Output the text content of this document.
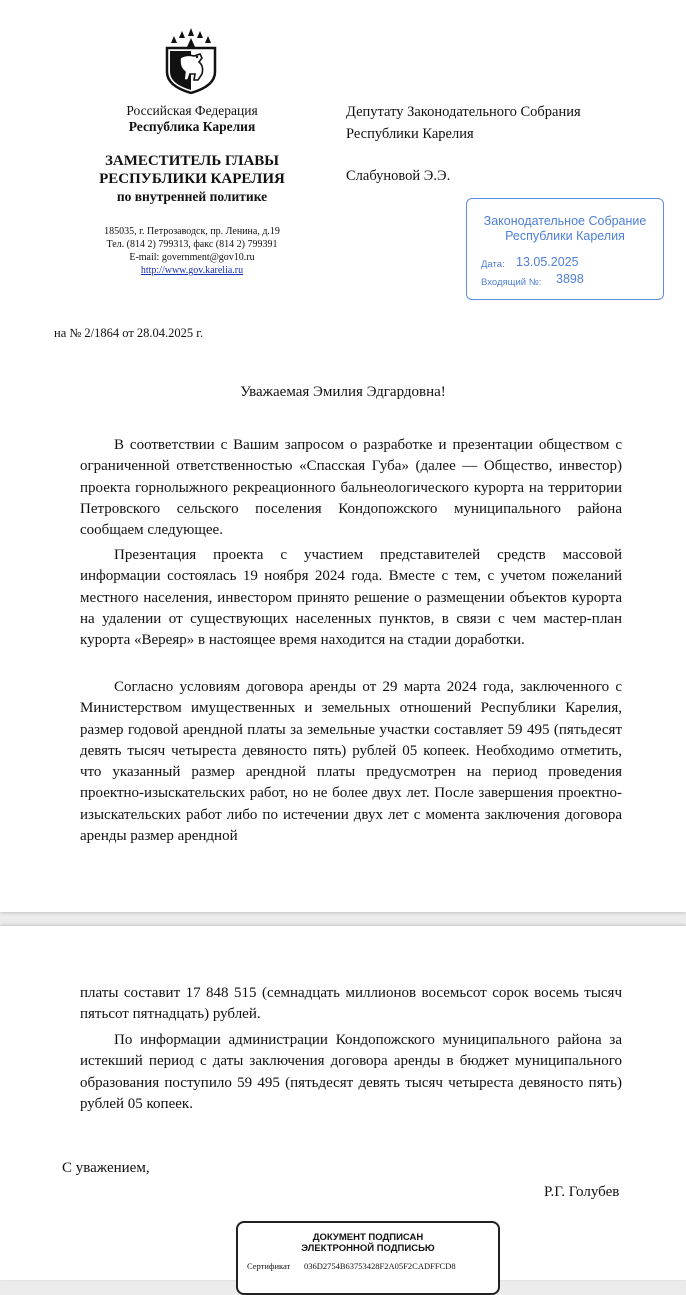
Российская Федерация
Республика Карелия
ЗАМЕСТИТЕЛЬ ГЛАВЫ
РЕСПУБЛИКИ КАРЕЛИЯ
по внутренней политике
185035, г. Петрозаводск, пр. Ленина, д.19
Тел. (814 2) 799313, факс (814 2) 799391
E-mail: government@gov10.ru
http://www.gov.karelia.ru
Депутату Законодательного Собрания
Республики Карелия
Слабуновой Э.Э.
Законодательное Собрание
Республики Карелия
Дата: 13.05.2025
Входящий №: 3898
на № 2/1864 от 28.04.2025 г.
Уважаемая Эмилия Эдгардовна!

В соответствии с Вашим запросом о разработке и презентации обществом с ограниченной ответственностью «Спасская Губа» (далее — Общество, инвестор) проекта горнолыжного рекреационного бальнеологического курорта на территории Петровского сельского поселения Кондопожского муниципального района сообщаем следующее.

Презентация проекта с участием представителей средств массовой информации состоялась 19 ноября 2024 года. Вместе с тем, с учетом пожеланий местного населения, инвестором принято решение о размещении объектов курорта на удалении от существующих населенных пунктов, в связи с чем мастер-план курорта «Вереяр» в настоящее время находится на стадии доработки.

Согласно условиям договора аренды от 29 марта 2024 года, заключенного с Министерством имущественных и земельных отношений Республики Карелия, размер годовой арендной платы за земельные участки составляет 59 495 (пятьдесят девять тысяч четыреста девяносто пять) рублей 05 копеек. Необходимо отметить, что указанный размер арендной платы предусмотрен на период проведения проектно-изыскательских работ, но не более двух лет. После завершения проектно-изыскательских работ либо по истечении двух лет с момента заключения договора аренды размер арендной

платы составит 17 848 515 (семнадцать миллионов восемьсот сорок восемь тысяч пятьсот пятнадцать) рублей.

По информации администрации Кондопожского муниципального района за истекший период с даты заключения договора аренды в бюджет муниципального образования поступило 59 495 (пятьдесят девять тысяч четыреста девяносто пять) рублей 05 копеек.

С уважением,
Р.Г. Голубев
ДОКУМЕНТ ПОДПИСАН
ЭЛЕКТРОННОЙ ПОДПИСЬЮ
Сертификат 036D2754B63753428F2A05F2CADFFCD8
